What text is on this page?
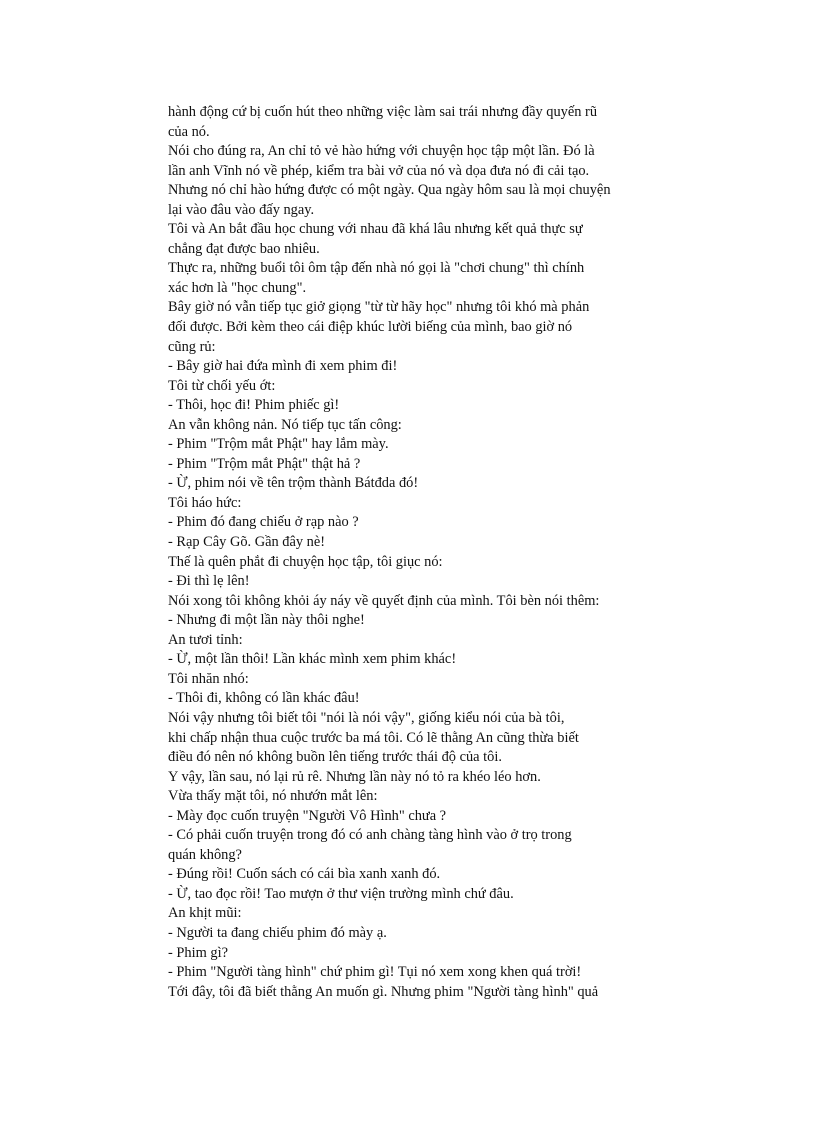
hành động cứ bị cuốn hút theo những việc làm sai trái nhưng đầy quyến rũ
của nó.
Nói cho đúng ra, An chỉ tỏ vẻ hào hứng với chuyện học tập một lần. Đó là
lần anh Vĩnh nó về phép, kiểm tra bài vở của nó và dọa đưa nó đi cải tạo.
Nhưng nó chỉ hào hứng được có một ngày. Qua ngày hôm sau là mọi chuyện
lại vào đâu vào đấy ngay.
Tôi và An bắt đầu học chung với nhau đã khá lâu nhưng kết quả thực sự
chẳng đạt được bao nhiêu.
Thực ra, những buổi tôi ôm tập đến nhà nó gọi là "chơi chung" thì chính
xác hơn là "học chung".
Bây giờ nó vẫn tiếp tục giở giọng "từ từ hãy học" nhưng tôi khó mà phản
đối được. Bởi kèm theo cái điệp khúc lười biếng của mình, bao giờ nó
cũng rủ:
- Bây giờ hai đứa mình đi xem phim đi!
Tôi từ chối yếu ớt:
- Thôi, học đi! Phim phiếc gì!
An vẫn không nản. Nó tiếp tục tấn công:
- Phim "Trộm mắt Phật" hay lắm mày.
- Phim "Trộm mắt Phật" thật hả ?
- Ừ, phim nói về tên trộm thành Bátđda đó!
Tôi háo hức:
- Phim đó đang chiếu ở rạp nào ?
- Rạp Cây Gõ. Gần đây nè!
Thế là quên phắt đi chuyện học tập, tôi giục nó:
- Đi thì lẹ lên!
Nói xong tôi không khỏi áy náy về quyết định của mình. Tôi bèn nói thêm:
- Nhưng đi một lần này thôi nghe!
An tươi tỉnh:
- Ừ, một lần thôi! Lần khác mình xem phim khác!
Tôi nhăn nhó:
- Thôi đi, không có lần khác đâu!
Nói vậy nhưng tôi biết tôi "nói là nói vậy", giống kiểu nói của bà tôi,
khi chấp nhận thua cuộc trước ba má tôi. Có lẽ thằng An cũng thừa biết
điều đó nên nó không buồn lên tiếng trước thái độ của tôi.
Y vậy, lần sau, nó lại rủ rê. Nhưng lần này nó tỏ ra khéo léo hơn.
Vừa thấy mặt tôi, nó nhướn mắt lên:
- Mày đọc cuốn truyện "Người Vô Hình" chưa ?
- Có phải cuốn truyện trong đó có anh chàng tàng hình vào ở trọ trong
quán không?
- Đúng rồi! Cuốn sách có cái bìa xanh xanh đó.
- Ừ, tao đọc rồi! Tao mượn ở thư viện trường mình chứ đâu.
An khịt mũi:
- Người ta đang chiếu phim đó mày ạ.
- Phim gì?
- Phim "Người tàng hình" chứ phim gì! Tụi nó xem xong khen quá trời!
Tới đây, tôi đã biết thằng An muốn gì. Nhưng phim "Người tàng hình" quả
